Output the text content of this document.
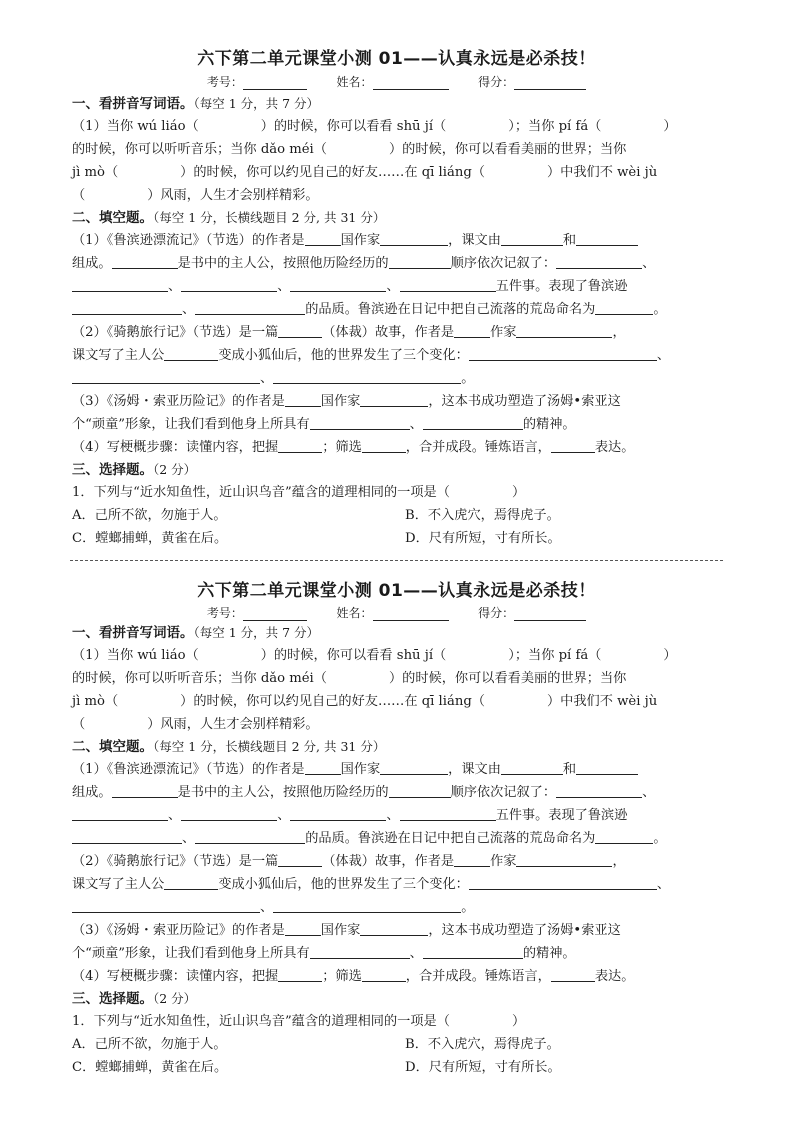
六下第二单元课堂小测 01——认真永远是必杀技！
考号：	姓名：	得分：
一、看拼音写词语。（每空 1 分，共 7 分）
（1）当你 wú liáo（	）的时候，你可以看看 shū jí（	）；当你 pí fá（	）
的时候，你可以听听音乐；当你 dǎo méi（	）的时候，你可以看看美丽的世界；当你
jì mò（	）的时候，你可以约见自己的好友……在 qī liáng（	）中我们不 wèi jù
（	）风雨，人生才会别样精彩。
二、填空题。（每空 1 分，长横线题目 2 分, 共 31 分）
（1）《鲁滨逊漂流记》（节选）的作者是	国作家	，课文由	和
组成。	是书中的主人公，按照他历险经历的	顺序依次记叙了：	、
、	、	、	五件事。表现了鲁滨逊
、	的品质。鲁滨逊在日记中把自己流落的荒岛命名为	。
（2）《骑鹅旅行记》（节选）是一篇	（体裁）故事，作者是	作家	，
课文写了主人公	变成小狐仙后，他的世界发生了三个变化：	、
、	。
（3）《汤姆・索亚历险记》的作者是	国作家	，这本书成功塑造了汤姆•索亚这
个“顽童”形象，让我们看到他身上所具有	、	的精神。
（4）写梗概步骤：读懂内容，把握	；筛选	，合并成段。锤炼语言，	表达。
三、选择题。（2 分）
1．下列与“近水知鱼性，近山识鸟音”蕴含的道理相同的一项是（	）
A．己所不欲，勿施于人。	B．不入虎穴，焉得虎子。
C．螳螂捕蝉，黄雀在后。	D．尺有所短，寸有所长。
六下第二单元课堂小测 01——认真永远是必杀技！
考号：	姓名：	得分：
一、看拼音写词语。（每空 1 分，共 7 分）
（1）当你 wú liáo（	）的时候，你可以看看 shū jí（	）；当你 pí fá（	）
的时候，你可以听听音乐；当你 dǎo méi（	）的时候，你可以看看美丽的世界；当你
jì mò（	）的时候，你可以约见自己的好友……在 qī liáng（	）中我们不 wèi jù
（	）风雨，人生才会别样精彩。
二、填空题。（每空 1 分，长横线题目 2 分, 共 31 分）
（1）《鲁滨逊漂流记》（节选）的作者是	国作家	，课文由	和
组成。	是书中的主人公，按照他历险经历的	顺序依次记叙了：	、
、	、	、	五件事。表现了鲁滨逊
、	的品质。鲁滨逊在日记中把自己流落的荒岛命名为	。
（2）《骑鹅旅行记》（节选）是一篇	（体裁）故事，作者是	作家	，
课文写了主人公	变成小狐仙后，他的世界发生了三个变化：	、
、	。
（3）《汤姆・索亚历险记》的作者是	国作家	，这本书成功塑造了汤姆•索亚这
个“顽童”形象，让我们看到他身上所具有	、	的精神。
（4）写梗概步骤：读懂内容，把握	；筛选	，合并成段。锤炼语言，	表达。
三、选择题。（2 分）
1．下列与“近水知鱼性，近山识鸟音”蕴含的道理相同的一项是（	）
A．己所不欲，勿施于人。	B．不入虎穴，焉得虎子。
C．螳螂捕蝉，黄雀在后。	D．尺有所短，寸有所长。
